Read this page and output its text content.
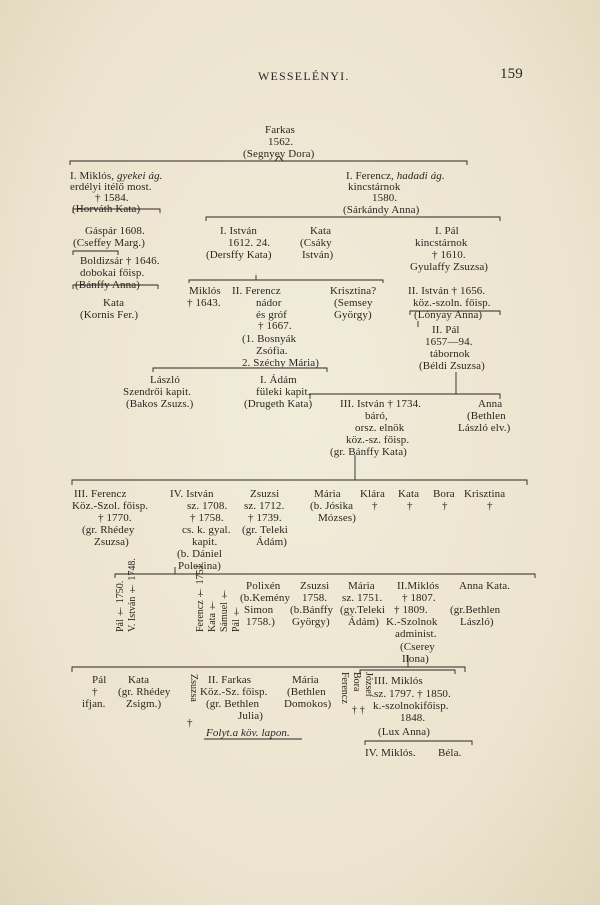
WESSELÉNYI.	159
Farkas
1562.
(Segnyey Dora)
I. Miklós, gyekei ág.
erdélyi itélő most.
† 1584.
(Horváth Kata)
Gáspár 1608.
(Cseffey Marg.)
Boldizsár † 1646.
dobokai főisp.
(Bánffy Anna)
Kata
(Kornis Fer.)
László
Szendrői kapit.
(Bakos Zsuzs.)
I. Ferencz, hadadi ág.
kincstárnok
1580.
(Sárkándy Anna)
I. István
1612. 24.
(Dersffy Kata)
Kata
(Csáky
István)
I. Pál
kincstárnok
† 1610.
Gyulaffy Zsuzsa)
Miklós
† 1643.
II. Ferencz
nádor
és gróf
† 1667.
(1. Bosnyák
Zsófia.
2. Széchy Mária)
Krisztina?
(Semsey
György)
II. István † 1656.
köz.-szoln. főisp.
(Lónyay Anna)
II. Pál
1657—94.
tábornok
(Béldi Zsuzsa)
I. Ádám
füleki kapit.
(Drugeth Kata)	III. István † 1734.
báró,
orsz. elnök
köz.-sz. főisp.
(gr. Bánffy Kata)
Anna
(Bethlen
László elv.)
III. Ferencz
Köz.-Szol. főisp.
† 1770.
(gr. Rhédey
Zsuzsa)
IV. István
sz. 1708.
† 1758.
cs. k. gyal.
kapit.
(b. Dániel
Polexina)
Zsuzsi
sz. 1712.
† 1739.
(gr. Teleki
Ádám)
Mária
(b. Jósika
Mózses)
Klára
†
Kata
†
Bora
†
Krisztina
†
Pál † 1750. V. István † 1748.	Ferencz † 1751. Kata † Sámuel † Pál †
Polixén
(b.Kemény
Simon
1758.)
Zsuzsi
1758.
(b.Bánffy
György)
Mária
sz. 1751.
(gy.Teleki
Ádám)
II.Miklós
† 1807.
† 1809.
K.-Szolnok
administ.
(Cserey
Ilona)
Anna Kata.
(gr.Bethlen
László)
Pál
†
ifjan.
Kata
(gr. Rhédey
Zsigm.)
Zsuzsa
†
II. Farkas
Köz.-Sz. főisp.
(gr. Bethlen
Julia)
Folyt.a köv. lapon.
Mária
(Bethlen
Domokos)
Bora
Ferencz József
† †
III. Miklós
sz. 1797. † 1850.
k.-szolnokifőisp.
1848.
(Lux Anna)
IV. Miklós. Béla.
